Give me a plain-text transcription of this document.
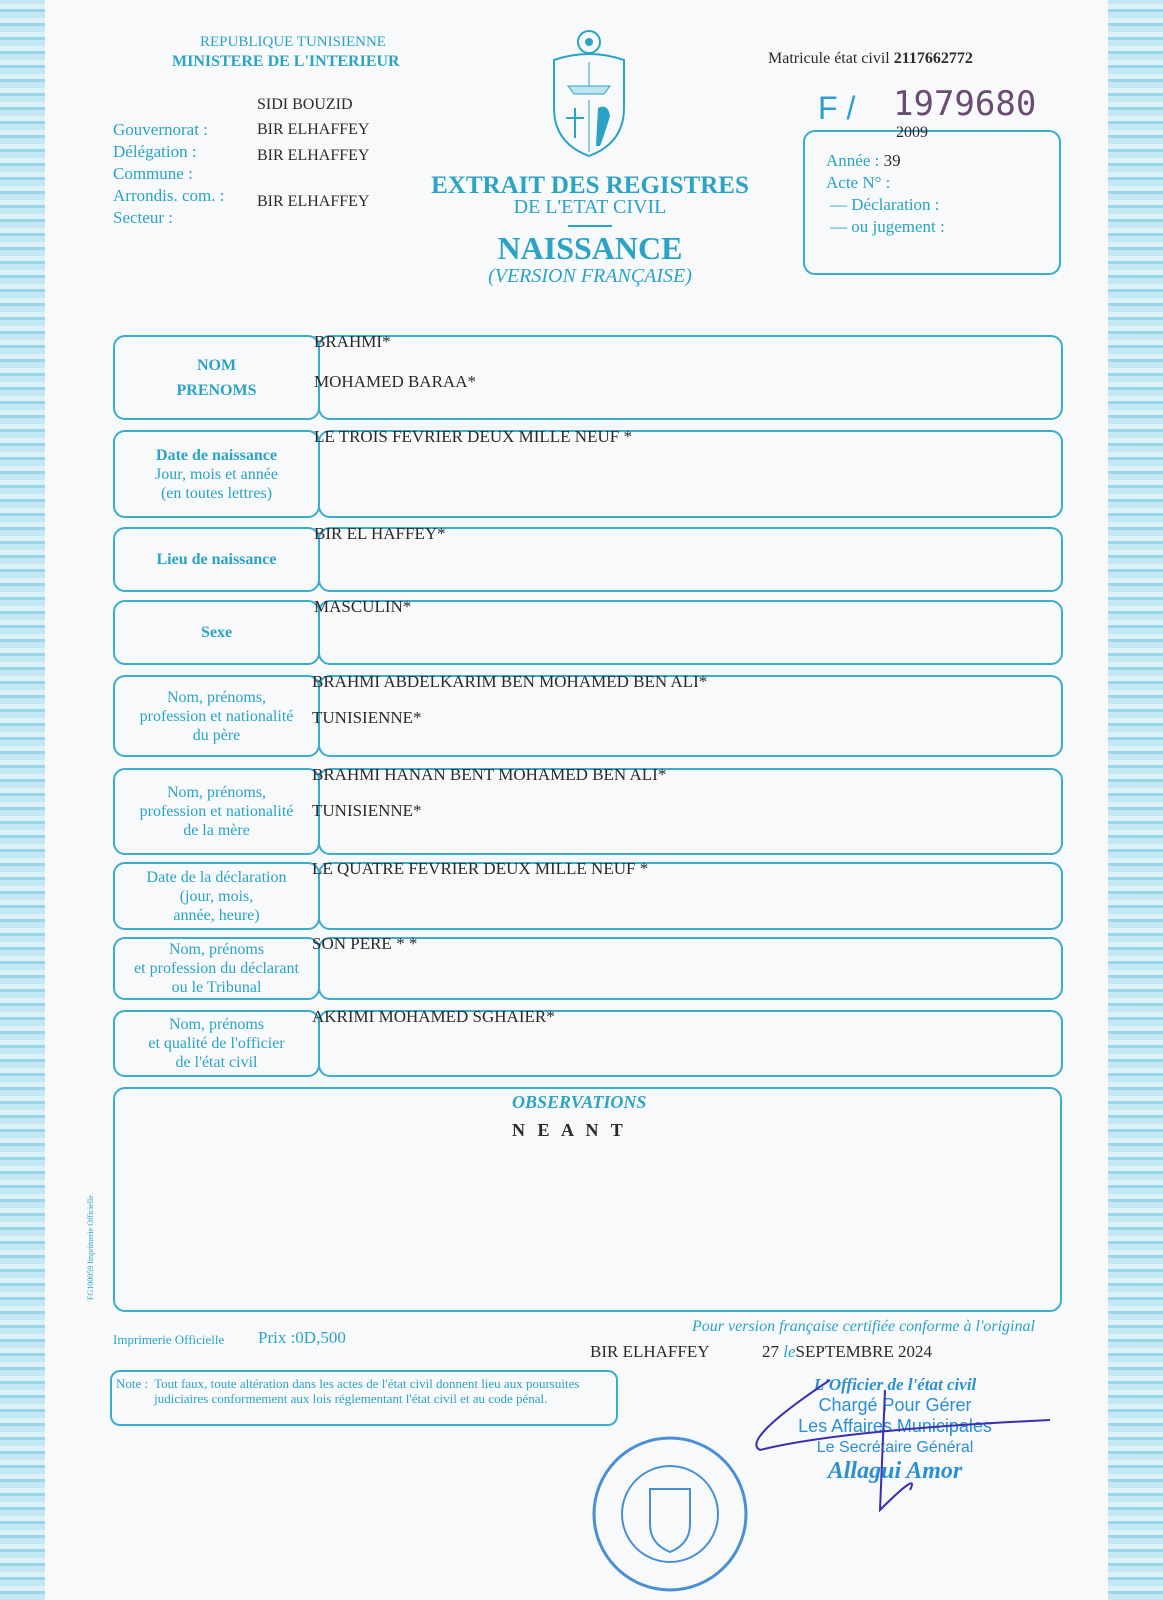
REPUBLIQUE TUNISIENNE
MINISTERE DE L'INTERIEUR	Matricule état civil 2117662772
F / 1979680
SIDI BOUZID
Gouvernorat :
Délégation :
Commune :
Arrondis. com. :
Secteur :
BIR ELHAFFEY
BIR ELHAFFEY
BIR ELHAFFEY
EXTRAIT DES REGISTRES
DE L'ETAT CIVIL
NAISSANCE
(VERSION FRANÇAISE)
2009
Année : 39
Acte N° :
— Déclaration :
— ou jugement :
NOM
PRENOMS
BRAHMI*
MOHAMED BARAA*
Date de naissance
Jour, mois et année
(en toutes lettres)
LE TROIS FEVRIER DEUX MILLE NEUF *
Lieu de naissance
BIR EL HAFFEY*
Sexe
MASCULIN*
Nom, prénoms,
profession et nationalité
du père
BRAHMI ABDELKARIM BEN MOHAMED BEN ALI*
TUNISIENNE*
Nom, prénoms,
profession et nationalité
de la mère
BRAHMI HANAN BENT MOHAMED BEN ALI*
TUNISIENNE*
Date de la déclaration
(jour, mois,
année, heure)
LE QUATRE FEVRIER DEUX MILLE NEUF *
Nom, prénoms
et profession du déclarant
ou le Tribunal
SON PERE * *
Nom, prénoms
et qualité de l'officier
de l'état civil
AKRIMI MOHAMED SGHAIER*
OBSERVATIONS
N E A N T
FG100059 Imprimerie Officielle
Imprimerie Officielle Prix :0D,500
Pour version française certifiée conforme à l'original
BIR ELHAFFEY	27 leSEPTEMBRE 2024
Note : Tout faux, toute altération dans les actes de l'état civil donnent lieu aux poursuites judiciaires conformement aux lois réglementant l'état civil et au code pénal.
L'Officier de l'état civil
Chargé Pour Gérer
Les Affaires Municipales
Le Secrétaire Général
Allagui Amor
